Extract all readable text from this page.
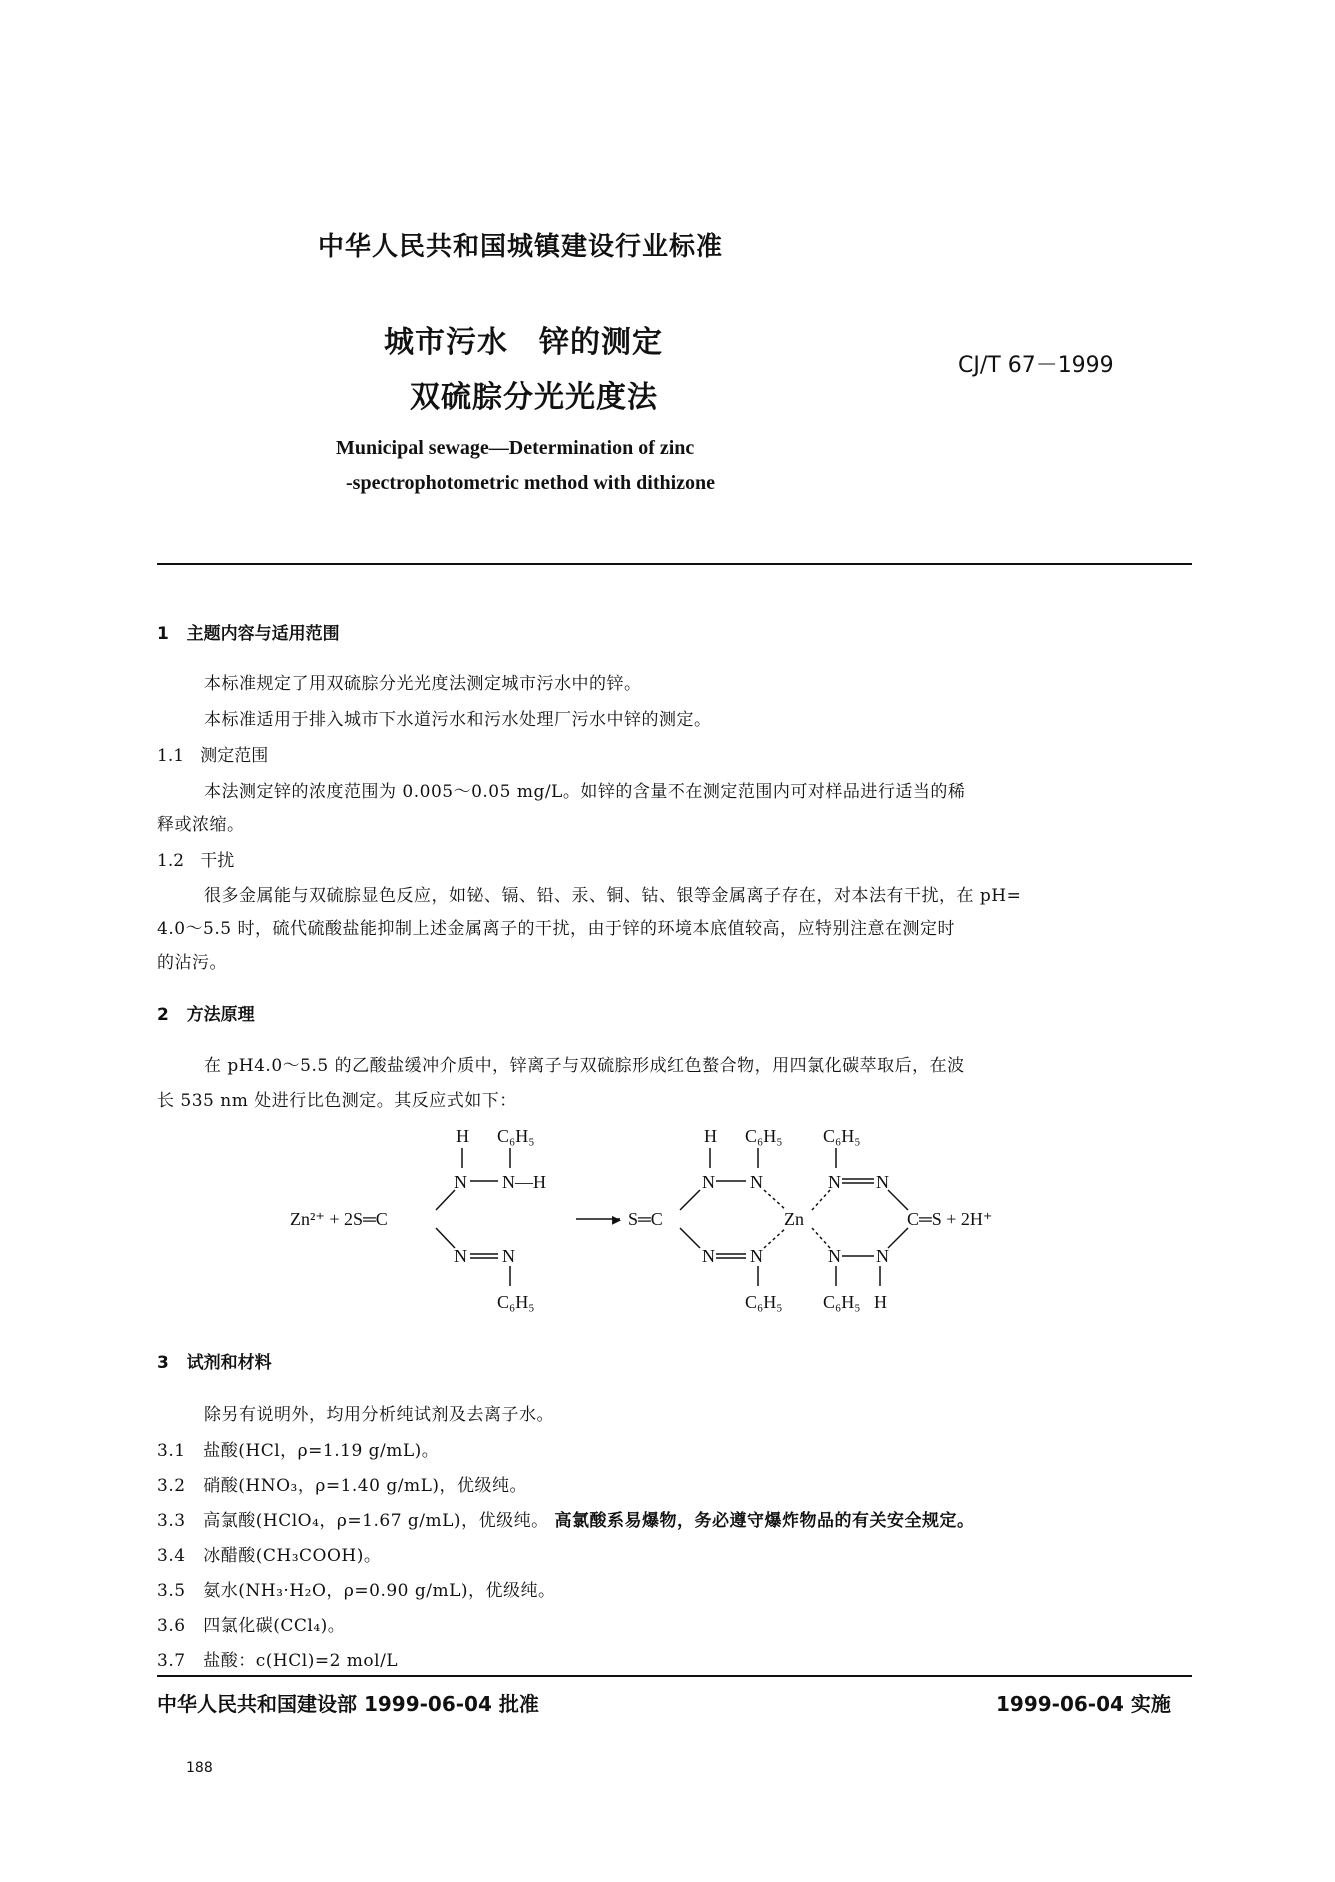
中华人民共和国城镇建设行业标准
城市污水　锌的测定
双硫腙分光光度法
CJ/T 67－1999
Municipal sewage—Determination of zinc
-spectrophotometric method with dithizone
1 主题内容与适用范围
本标准规定了用双硫腙分光光度法测定城市污水中的锌。
本标准适用于排入城市下水道污水和污水处理厂污水中锌的测定。
1.1 测定范围
本法测定锌的浓度范围为 0.005～0.05 mg/L。如锌的含量不在测定范围内可对样品进行适当的稀
释或浓缩。
1.2 干扰
很多金属能与双硫腙显色反应，如铋、镉、铅、汞、铜、钴、银等金属离子存在，对本法有干扰，在 pH=
4.0～5.5 时，硫代硫酸盐能抑制上述金属离子的干扰，由于锌的环境本底值较高，应特别注意在测定时
的沾污。
2 方法原理
在 pH4.0～5.5 的乙酸盐缓冲介质中，锌离子与双硫腙形成红色螯合物，用四氯化碳萃取后，在波
长 535 nm 处进行比色测定。其反应式如下：
H C₆H₅
N N—H
Zn²⁺ + 2S═C
N N
C₆H₅
▸
H C₆H₅ C₆H₅
N N	N N
S═C	Zn	C═S + 2H⁺
N N	N N
C₆H₅ C₆H₅ H
3 试剂和材料
除另有说明外，均用分析纯试剂及去离子水。
3.1 盐酸(HCl，ρ=1.19 g/mL)。
3.2 硝酸(HNO₃，ρ=1.40 g/mL)，优级纯。
3.3 高氯酸(HClO₄，ρ=1.67 g/mL)，优级纯。 高氯酸系易爆物，务必遵守爆炸物品的有关安全规定。
3.4 冰醋酸(CH₃COOH)。
3.5 氨水(NH₃·H₂O，ρ=0.90 g/mL)，优级纯。
3.6 四氯化碳(CCl₄)。
3.7 盐酸：c(HCl)=2 mol/L
中华人民共和国建设部 1999-06-04 批准	1999-06-04 实施
188
